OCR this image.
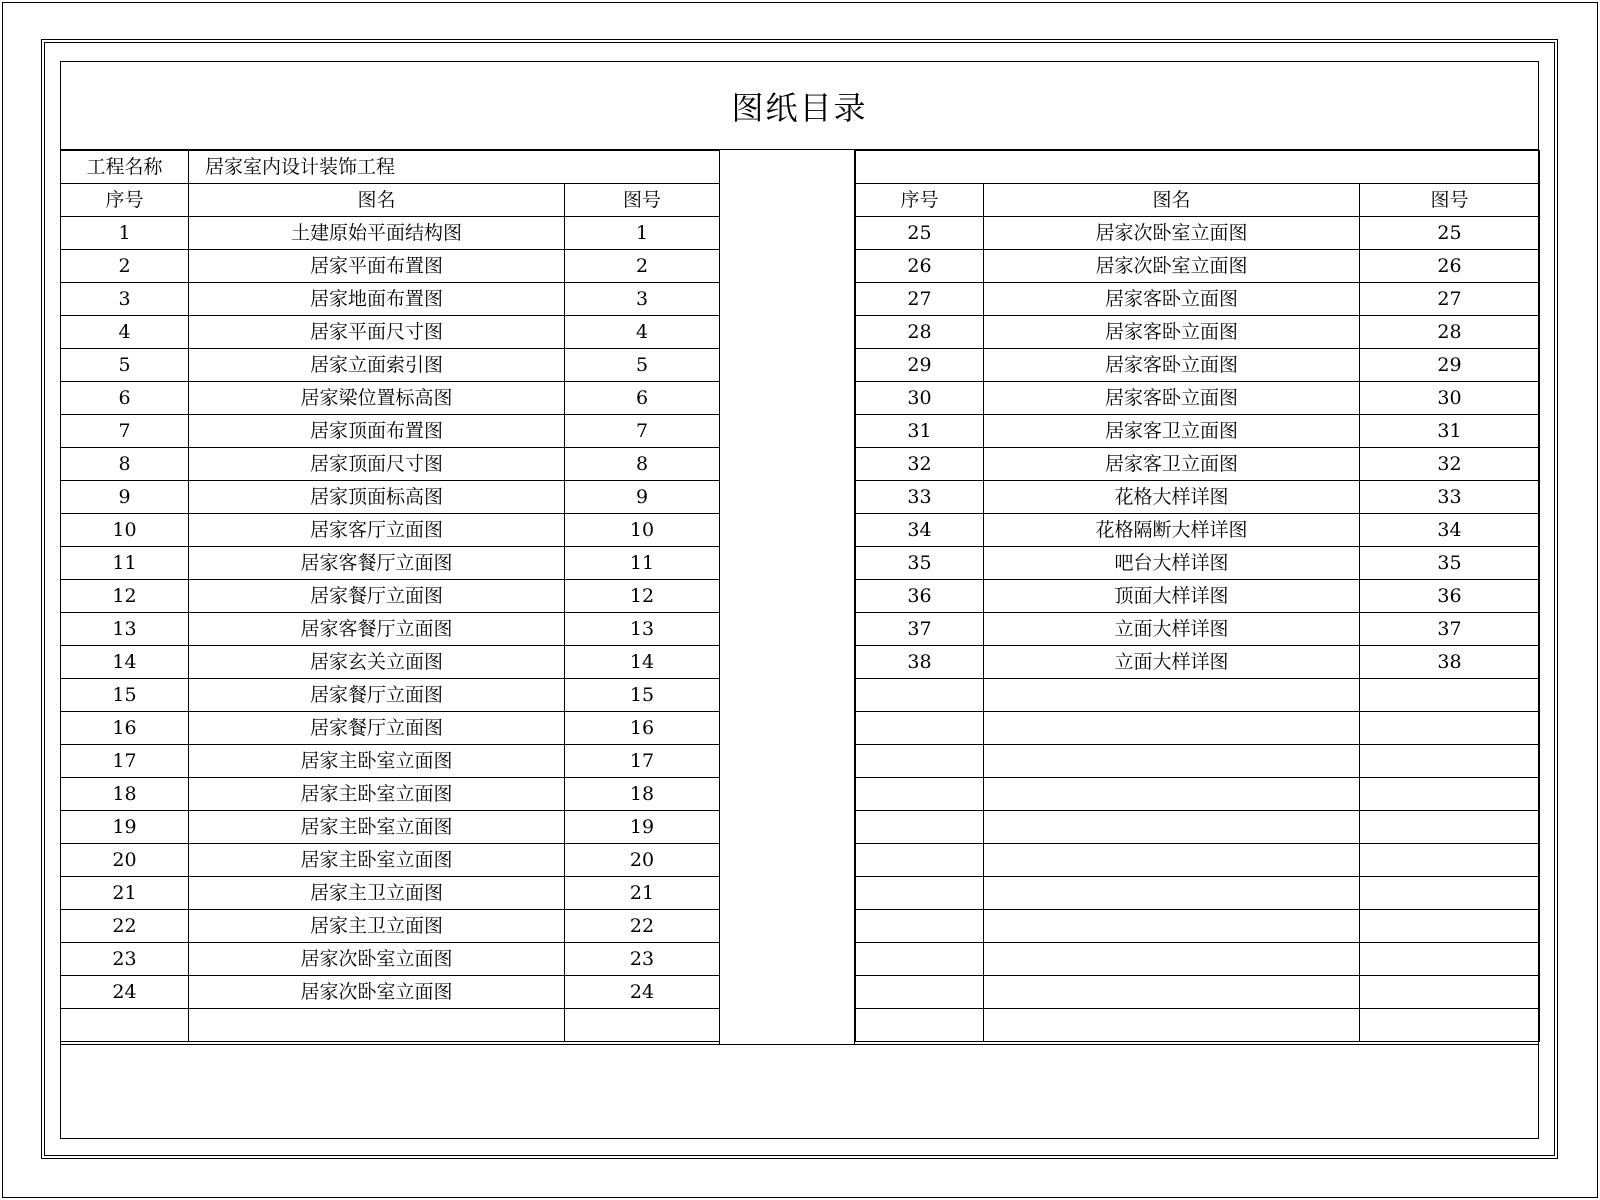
图纸目录
工程名称	居家室内设计装饰工程	
序号	图名	图号
1	土建原始平面结构图	1
2	居家平面布置图	2
3	居家地面布置图	3
4	居家平面尺寸图	4
5	居家立面索引图	5
6	居家梁位置标高图	6
7	居家顶面布置图	7
8	居家顶面尺寸图	8
9	居家顶面标高图	9
10	居家客厅立面图	10
11	居家客餐厅立面图	11
12	居家餐厅立面图	12
13	居家客餐厅立面图	13
14	居家玄关立面图	14
15	居家餐厅立面图	15
16	居家餐厅立面图	16
17	居家主卧室立面图	17
18	居家主卧室立面图	18
19	居家主卧室立面图	19
20	居家主卧室立面图	20
21	居家主卫立面图	21
22	居家主卫立面图	22
23	居家次卧室立面图	23
24	居家次卧室立面图	24

序号	图名	图号
25	居家次卧室立面图	25
26	居家次卧室立面图	26
27	居家客卧立面图	27
28	居家客卧立面图	28
29	居家客卧立面图	29
30	居家客卧立面图	30
31	居家客卫立面图	31
32	居家客卫立面图	32
33	花格大样详图	33
34	花格隔断大样详图	34
35	吧台大样详图	35
36	顶面大样详图	36
37	立面大样详图	37
38	立面大样详图	38
